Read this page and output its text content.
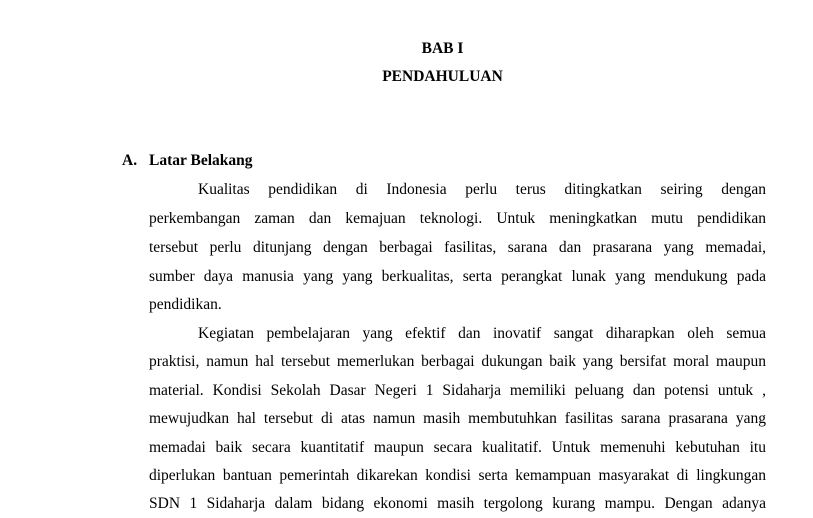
BAB I
PENDAHULUAN
A. Latar Belakang
Kualitas pendidikan di Indonesia perlu terus ditingkatkan seiring dengan
perkembangan zaman dan kemajuan teknologi. Untuk meningkatkan mutu pendidikan
tersebut perlu ditunjang dengan berbagai fasilitas, sarana dan prasarana yang memadai,
sumber daya manusia yang yang berkualitas, serta perangkat lunak yang mendukung pada
pendidikan.
Kegiatan pembelajaran yang efektif dan inovatif sangat diharapkan oleh semua
praktisi, namun hal tersebut memerlukan berbagai dukungan baik yang bersifat moral maupun
material. Kondisi Sekolah Dasar Negeri 1 Sidaharja memiliki peluang dan potensi untuk ,
mewujudkan hal tersebut di atas namun masih membutuhkan fasilitas sarana prasarana yang
memadai baik secara kuantitatif maupun secara kualitatif. Untuk memenuhi kebutuhan itu
diperlukan bantuan pemerintah dikarekan kondisi serta kemampuan masyarakat di lingkungan
SDN 1 Sidaharja dalam bidang ekonomi masih tergolong kurang mampu. Dengan adanya
